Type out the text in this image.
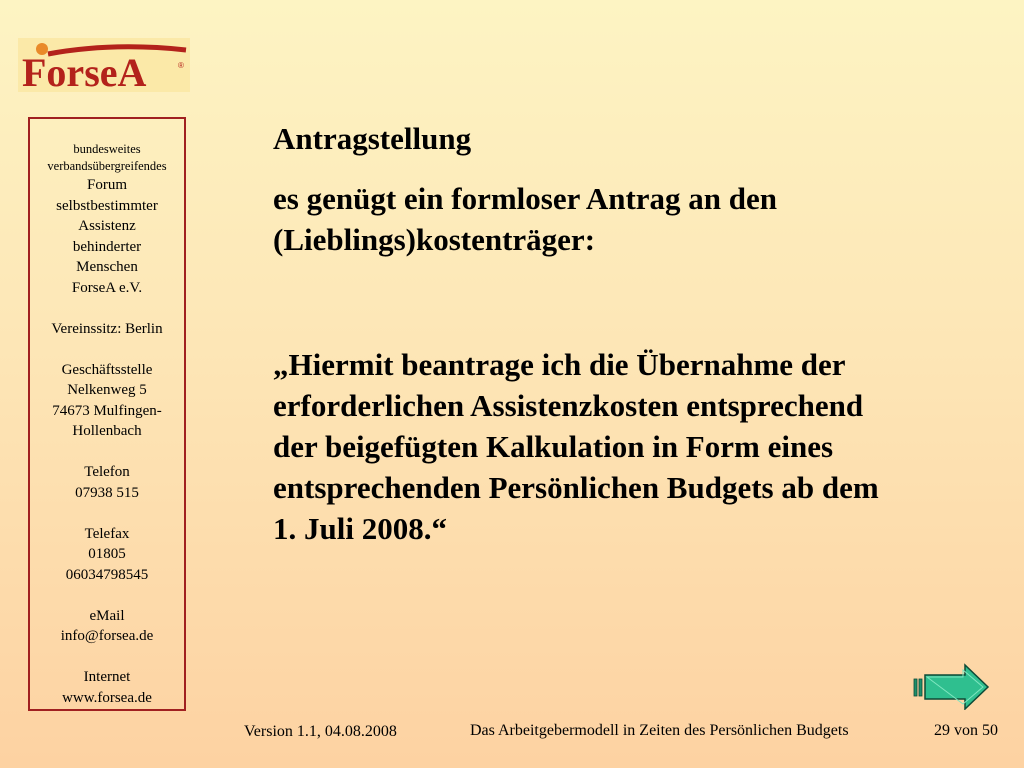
ForseA	®
bundesweites
verbandsübergreifendes
Forum
selbstbestimmter
Assistenz
behinderter
Menschen
ForseA e.V.
Vereinssitz: Berlin
Geschäftsstelle
Nelkenweg 5
74673 Mulfingen-
Hollenbach
Telefon
07938 515
Telefax
01805
06034798545
eMail
info@forsea.de
Internet
www.forsea.de

Antragstellung

es genügt ein formloser Antrag an den
(Lieblings)kostenträger:

„Hiermit beantrage ich die Übernahme der
erforderlichen Assistenzkosten entsprechend
der beigefügten Kalkulation in Form eines
entsprechenden Persönlichen Budgets ab dem
1. Juli 2008.“

Version 1.1, 04.08.2008	Das Arbeitgebermodell in Zeiten des Persönlichen Budgets	29 von 50
